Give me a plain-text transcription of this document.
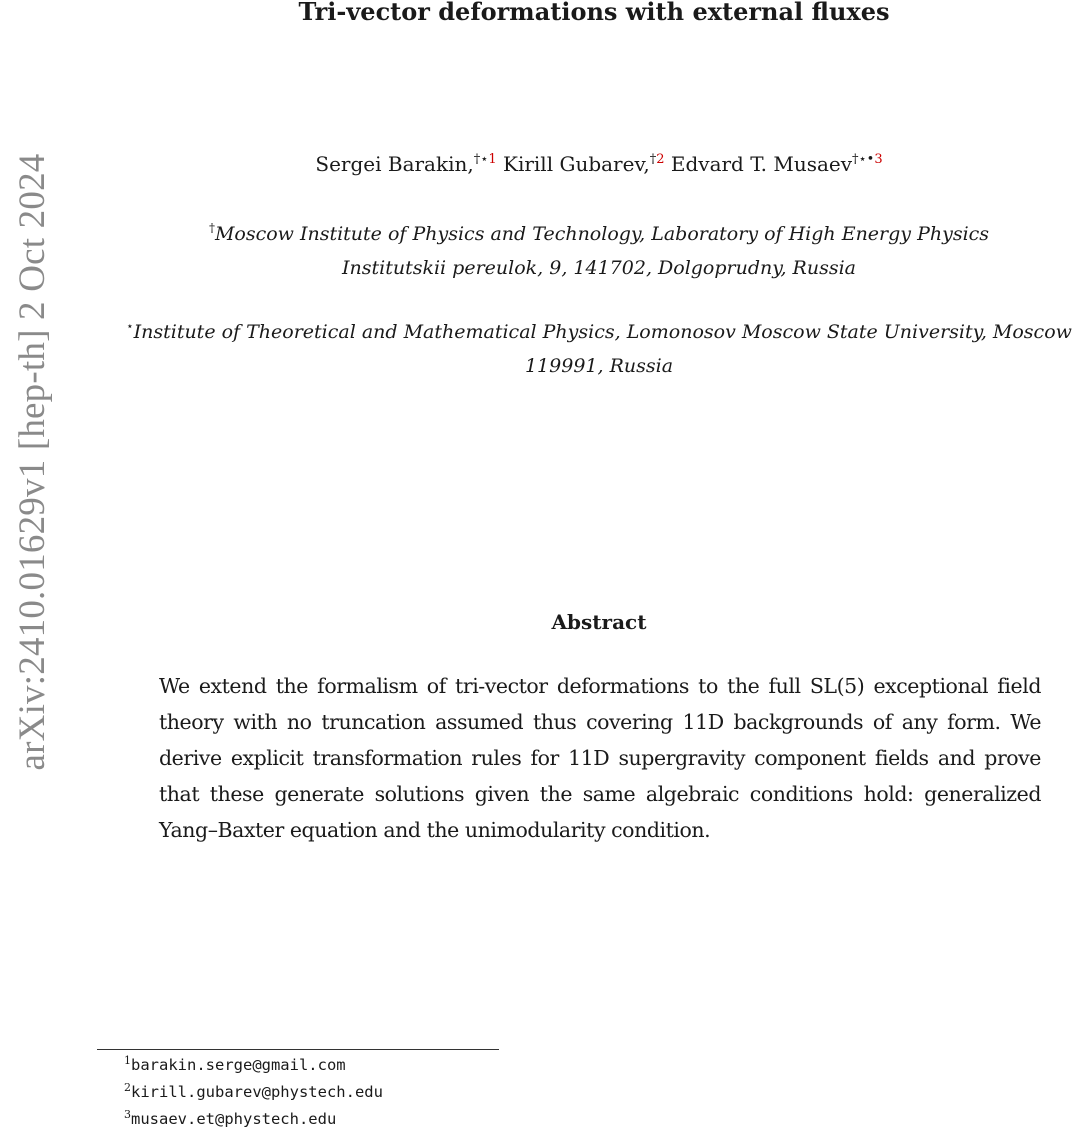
arXiv:2410.01629v1 [hep-th] 2 Oct 2024
Tri-vector deformations with external fluxes
Sergei Barakin,$^{\dagger⋆1}$ Kirill Gubarev,$^{\dagger 2}$ Edvard T. Musaev$^{\dagger⋆•3}$
†Moscow Institute of Physics and Technology, Laboratory of High Energy Physics
Institutskii pereulok, 9, 141702, Dolgoprudny, Russia
⋆Institute of Theoretical and Mathematical Physics, Lomonosov Moscow State University, Moscow
119991, Russia
Abstract
We extend the formalism of tri-vector deformations to the full SL(5) exceptional field theory with no truncation assumed thus covering 11D backgrounds of any form. We derive explicit transformation rules for 11D supergravity component fields and prove that these generate solutions given the same algebraic conditions hold: generalized Yang–Baxter equation and the unimodularity condition.
$^1$barakin.serge@gmail.com
$^2$kirill.gubarev@phystech.edu
$^3$musaev.et@phystech.edu
